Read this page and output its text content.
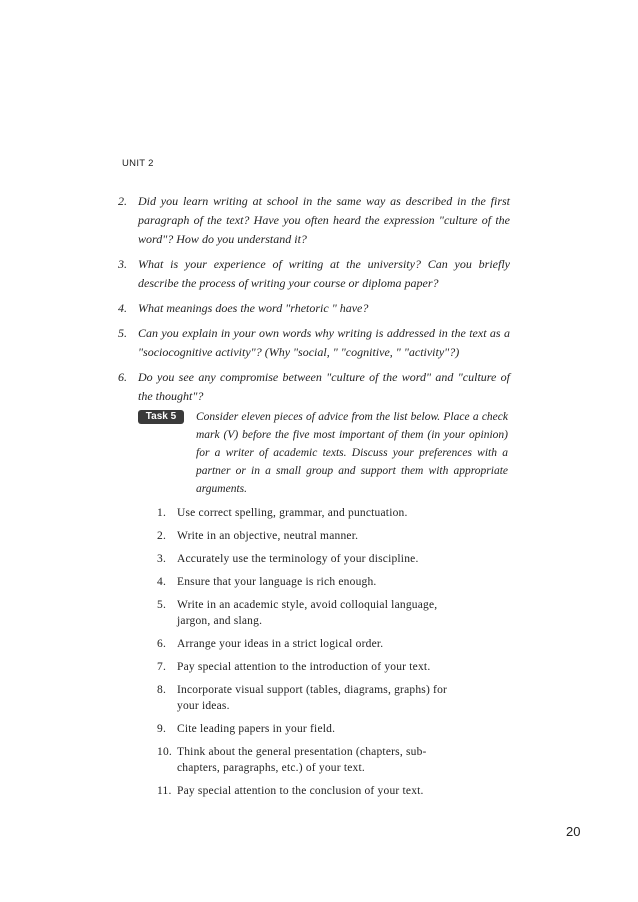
UNIT 2
2. Did you learn writing at school in the same way as described in the first paragraph of the text? Have you often heard the expression "culture of the word"? How do you understand it?
3. What is your experience of writing at the university? Can you briefly describe the process of writing your course or diploma paper?
4. What meanings does the word "rhetoric " have?
5. Can you explain in your own words why writing is addressed in the text as a "sociocognitive activity"? (Why "social, " "cognitive, " "activity"?)
6. Do you see any compromise between "culture of the word" and "culture of the thought"?
Task 5	Consider eleven pieces of advice from the list below. Place a check mark (V) before the five most important of them (in your opinion) for a writer of academic texts. Discuss your preferences with a partner or in a small group and support them with appropriate arguments.
1. Use correct spelling, grammar, and punctuation.
2. Write in an objective, neutral manner.
3. Accurately use the terminology of your discipline.
4. Ensure that your language is rich enough.
5. Write in an academic style, avoid colloquial language, jargon, and slang.
6. Arrange your ideas in a strict logical order.
7. Pay special attention to the introduction of your text.
8. Incorporate visual support (tables, diagrams, graphs) for your ideas.
9. Cite leading papers in your field.
10. Think about the general presentation (chapters, sub-chapters, paragraphs, etc.) of your text.
11. Pay special attention to the conclusion of your text.
20
